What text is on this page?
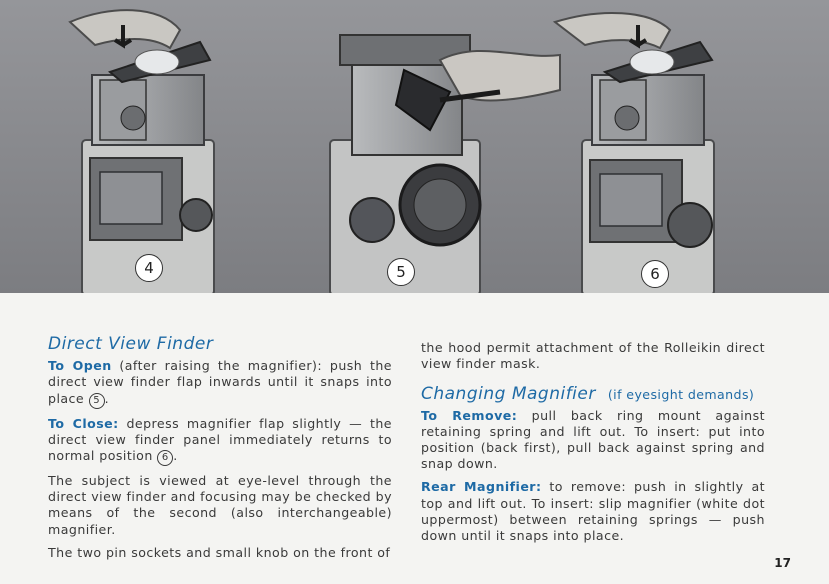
4	5	6
Direct View Finder

To Open (after raising the magnifier): push the direct view finder flap inwards until it snaps into place 5 .

To Close: depress magnifier flap slightly — the direct view finder panel immediately returns to normal position 6 .

The subject is viewed at eye-level through the direct view finder and focusing may be checked by means of the second (also interchangeable) magnifier.

The two pin sockets and small knob on the front of

the hood permit attachment of the Rolleikin direct view finder mask.

Changing Magnifier (if eyesight demands)

To Remove: pull back ring mount against retaining spring and lift out. To insert: put into position (back first), pull back against spring and snap down.

Rear Magnifier: to remove: push in slightly at top and lift out. To insert: slip magnifier (white dot uppermost) between retaining springs — push down until it snaps into place.

17
